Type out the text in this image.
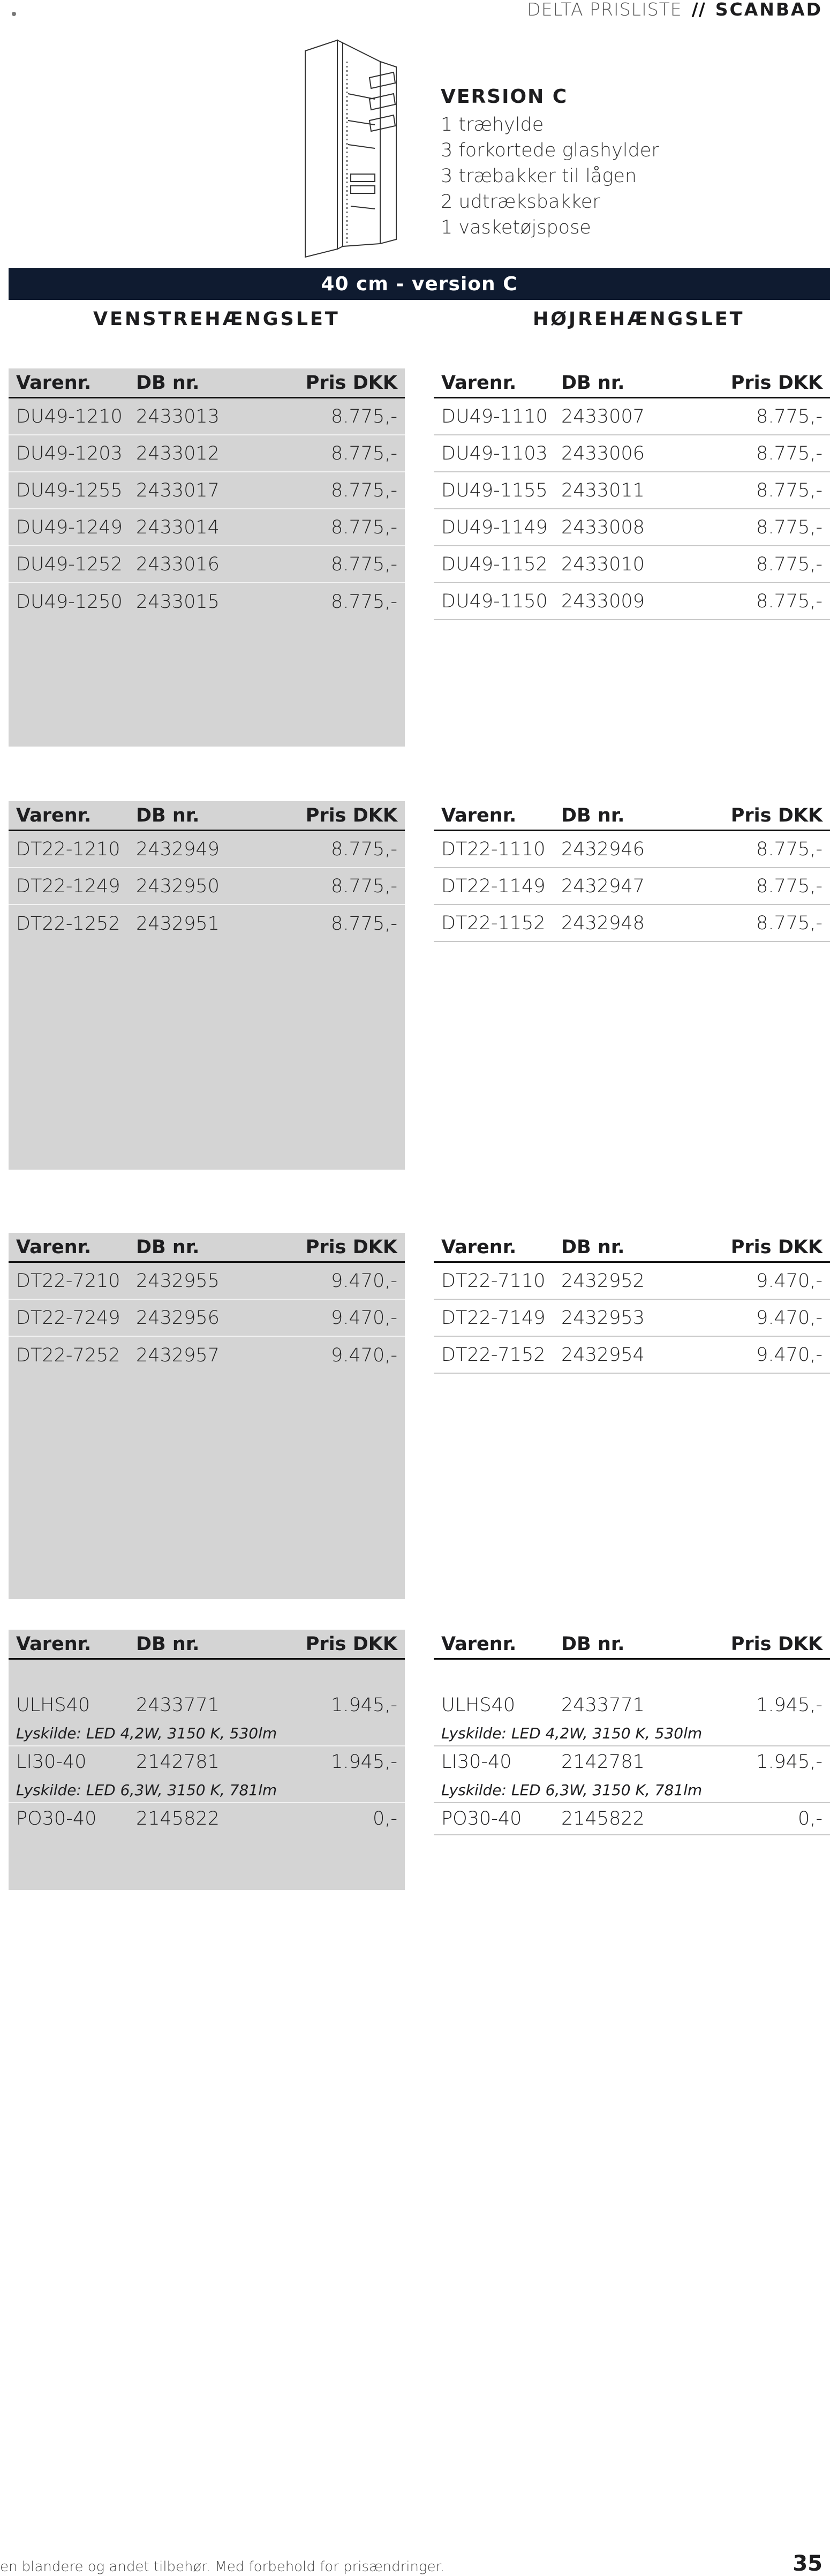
DELTA PRISLISTE // SCANBAD
VERSION C
1 træhylde
3 forkortede glashylder
3 træbakker til lågen
2 udtræksbakker
1 vasketøjspose
40 cm - version C
VENSTREHÆNGSLET	HØJREHÆNGSLET
Varenr.	DB nr.	Pris DKK
DU49-1210 2433013	8.775,-
DU49-1203 2433012	8.775,-
DU49-1255 2433017	8.775,-
DU49-1249 2433014	8.775,-
DU49-1252 2433016	8.775,-
DU49-1250 2433015	8.775,-
Varenr.	DB nr.	Pris DKK
DU49-1110 2433007	8.775,-
DU49-1103 2433006	8.775,-
DU49-1155 2433011	8.775,-
DU49-1149 2433008	8.775,-
DU49-1152 2433010	8.775,-
DU49-1150 2433009	8.775,-
Varenr.	DB nr.	Pris DKK
DT22-1210 2432949	8.775,-
DT22-1249 2432950	8.775,-
DT22-1252 2432951	8.775,-
Varenr.	DB nr.	Pris DKK
DT22-1110 2432946	8.775,-
DT22-1149 2432947	8.775,-
DT22-1152 2432948	8.775,-
Varenr.	DB nr.	Pris DKK
DT22-7210 2432955	9.470,-
DT22-7249 2432956	9.470,-
DT22-7252 2432957	9.470,-
Varenr.	DB nr.	Pris DKK
DT22-7110 2432952	9.470,-
DT22-7149 2432953	9.470,-
DT22-7152 2432954	9.470,-
Varenr.	DB nr.	Pris DKK
ULHS40	2433771	1.945,-
Lyskilde: LED 4,2W, 3150 K, 530lm
LI30-40	2142781	1.945,-
Lyskilde: LED 6,3W, 3150 K, 781lm
PO30-40	2145822	0,-
Varenr.	DB nr.	Pris DKK
ULHS40	2433771	1.945,-
Lyskilde: LED 4,2W, 3150 K, 530lm
LI30-40	2142781	1.945,-
Lyskilde: LED 6,3W, 3150 K, 781lm
PO30-40	2145822	0,-
en blandere og andet tilbehør. Med forbehold for prisændringer.	35
